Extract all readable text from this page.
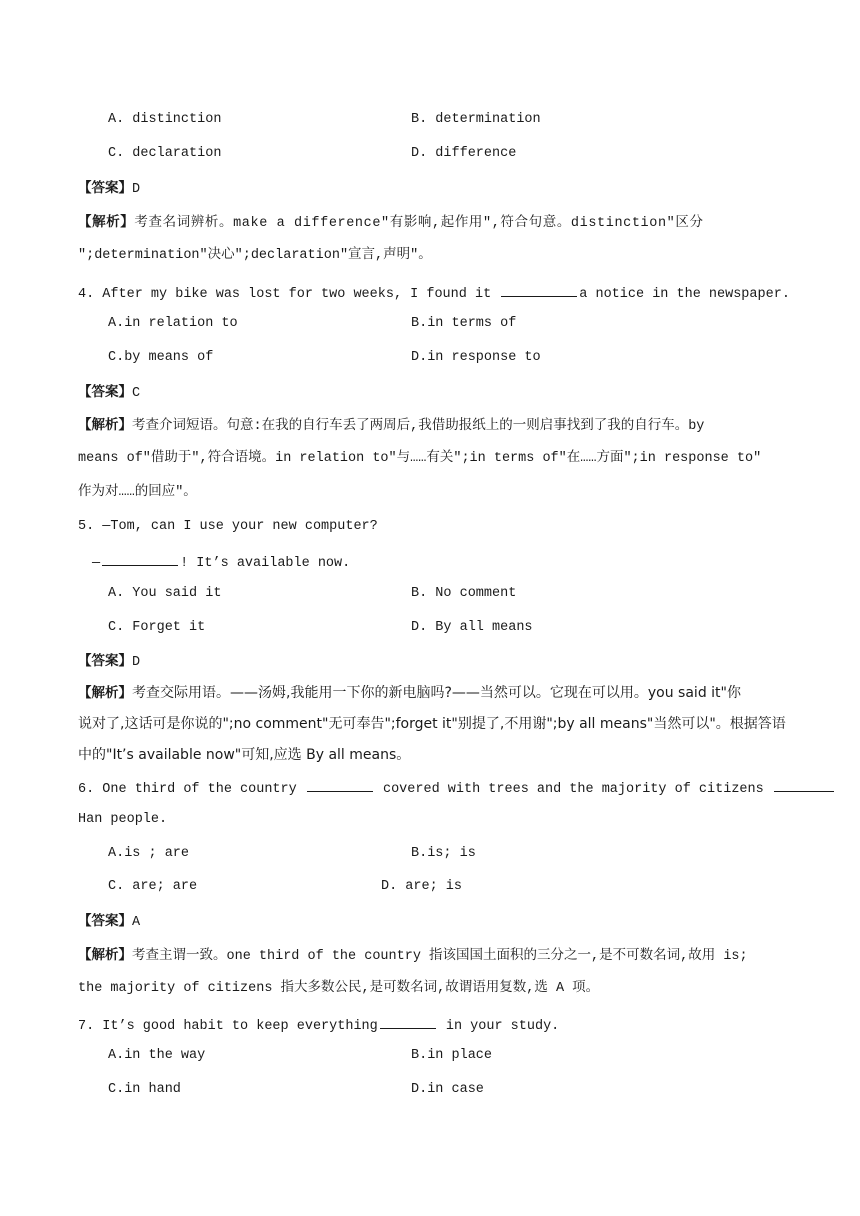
A. distinction	B. determination
C. declaration	D. difference
【答案】D
【解析】考查名词辨析。make a difference"有影响,起作用",符合句意。distinction"区分
";determination"决心";declaration"宣言,声明"。
4. After my bike was lost for two weeks, I found it	a notice in the newspaper.
A.in relation to	B.in terms of
C.by means of	D.in response to
【答案】C
【解析】考查介词短语。句意:在我的自行车丢了两周后,我借助报纸上的一则启事找到了我的自行车。by
means of"借助于",符合语境。in relation to"与……有关";in terms of"在……方面";in response to"
作为对……的回应"。
5. —Tom, can I use your new computer?
—	! It’s available now.
A. You said it	B. No comment
C. Forget it	D. By all means
【答案】D
【解析】考查交际用语。——汤姆,我能用一下你的新电脑吗?——当然可以。它现在可以用。you said it"你
说对了,这话可是你说的";no comment"无可奉告";forget it"别提了,不用谢";by all means"当然可以"。根据答语
中的"It’s available now"可知,应选 By all means。
6. One third of the country	covered with trees and the majority of citizens
Han people.
A.is ; are	B.is; is
C. are; are	D. are; is
【答案】A
【解析】考查主谓一致。one third of the country 指该国国土面积的三分之一,是不可数名词,故用 is;
the majority of citizens 指大多数公民,是可数名词,故谓语用复数,选 A 项。
7. It’s good habit to keep everything	in your study.
A.in the way	B.in place
C.in hand	D.in case
